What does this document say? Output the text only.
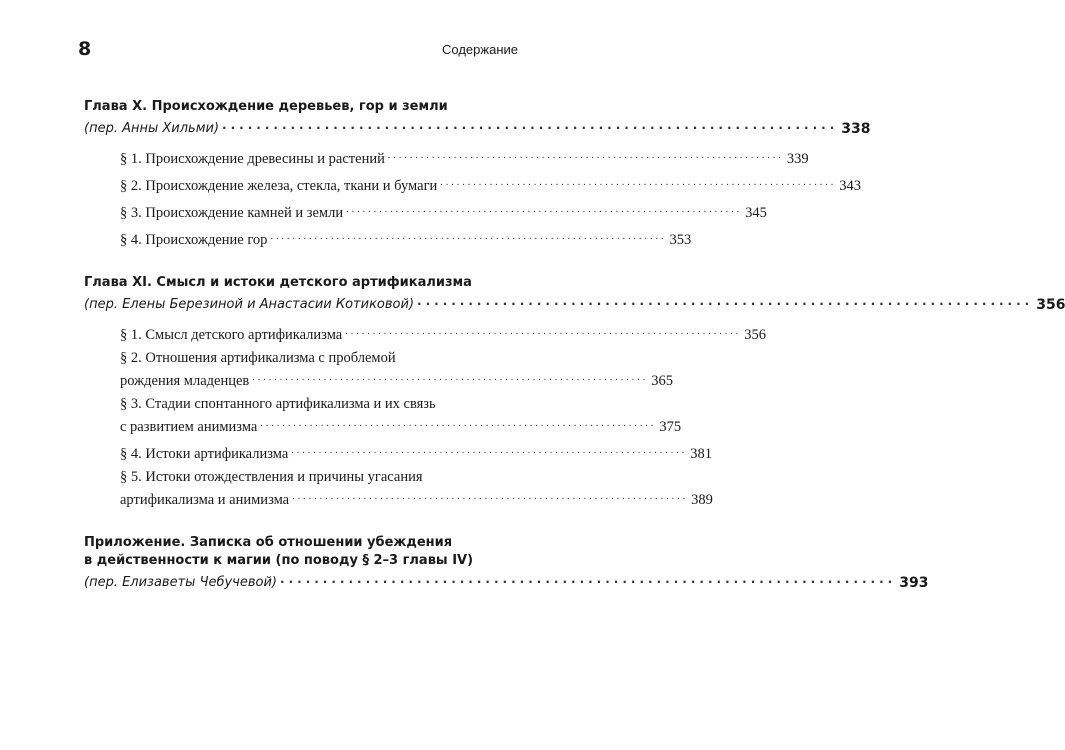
8	Содержание
Глава X. Происхождение деревьев, гор и земли
(пер. Анны Хильми) ........................................................................ 338
§ 1. Происхождение древесины и растений ........................................................................ 339
§ 2. Происхождение железа, стекла, ткани и бумаги ........................................................................ 343
§ 3. Происхождение камней и земли ........................................................................ 345
§ 4. Происхождение гор ........................................................................ 353
Глава XI. Смысл и истоки детского артификализма
(пер. Елены Березиной и Анастасии Котиковой) ........................................................................ 356
§ 1. Смысл детского артификализма ........................................................................ 356
§ 2. Отношения артификализма с проблемой
рождения младенцев ........................................................................ 365
§ 3. Стадии спонтанного артификализма и их связь
с развитием анимизма ........................................................................ 375
§ 4. Истоки артификализма ........................................................................ 381
§ 5. Истоки отождествления и причины угасания
артификализма и анимизма ........................................................................ 389
Приложение. Записка об отношении убеждения
в действенности к магии (по поводу § 2–3 главы IV)
(пер. Елизаветы Чебучевой) ........................................................................ 393
